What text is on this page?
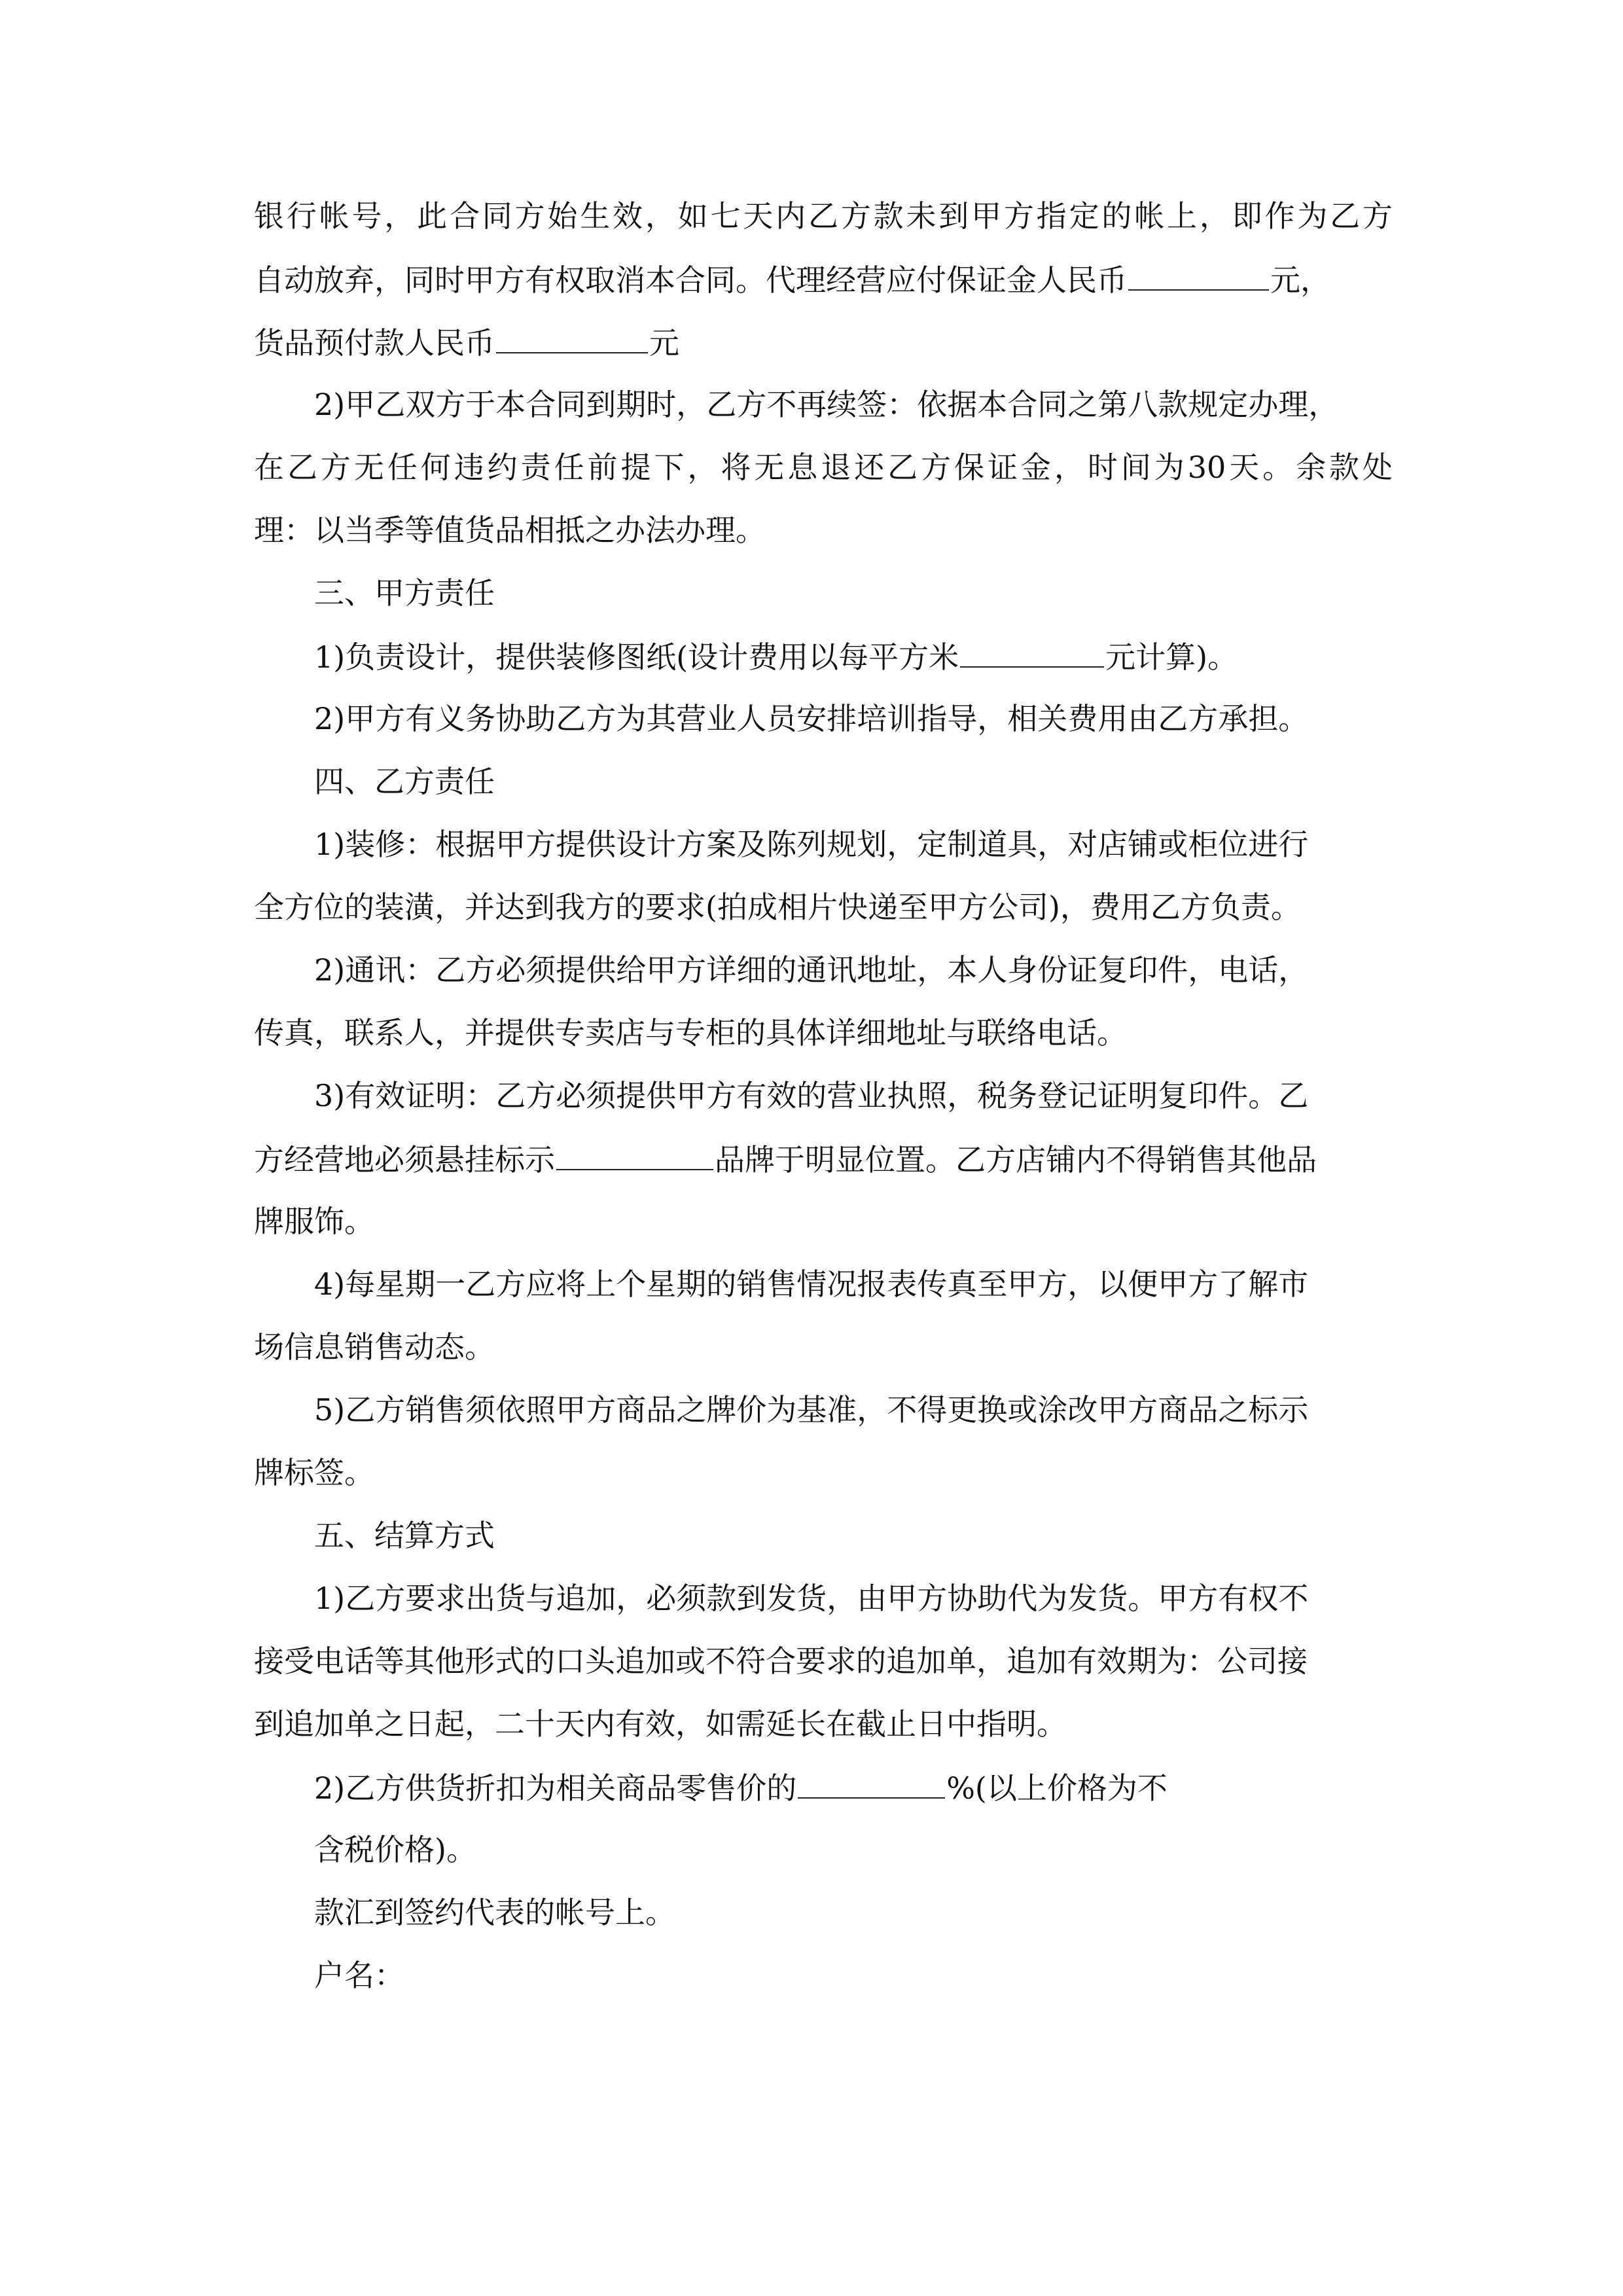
银行帐号，此合同方始生效，如七天内乙方款未到甲方指定的帐上，即作为乙方
自动放弃，同时甲方有权取消本合同。代理经营应付保证金人民币	元，
货品预付款人民币	元
2)甲乙双方于本合同到期时，乙方不再续签：依据本合同之第八款规定办理，
在乙方无任何违约责任前提下，将无息退还乙方保证金，时间为30天。余款处
理：以当季等值货品相抵之办法办理。
三、甲方责任
1)负责设计，提供装修图纸(设计费用以每平方米	元计算)。
2)甲方有义务协助乙方为其营业人员安排培训指导，相关费用由乙方承担。
四、乙方责任
1)装修：根据甲方提供设计方案及陈列规划，定制道具，对店铺或柜位进行
全方位的装潢，并达到我方的要求(拍成相片快递至甲方公司)，费用乙方负责。
2)通讯：乙方必须提供给甲方详细的通讯地址，本人身份证复印件，电话，
传真，联系人，并提供专卖店与专柜的具体详细地址与联络电话。
3)有效证明：乙方必须提供甲方有效的营业执照，税务登记证明复印件。乙
方经营地必须悬挂标示	品牌于明显位置。乙方店铺内不得销售其他品
牌服饰。
4)每星期一乙方应将上个星期的销售情况报表传真至甲方，以便甲方了解市
场信息销售动态。
5)乙方销售须依照甲方商品之牌价为基准，不得更换或涂改甲方商品之标示
牌标签。
五、结算方式
1)乙方要求出货与追加，必须款到发货，由甲方协助代为发货。甲方有权不
接受电话等其他形式的口头追加或不符合要求的追加单，追加有效期为：公司接
到追加单之日起，二十天内有效，如需延长在截止日中指明。
2)乙方供货折扣为相关商品零售价的	%(以上价格为不
含税价格)。
款汇到签约代表的帐号上。
户名：
